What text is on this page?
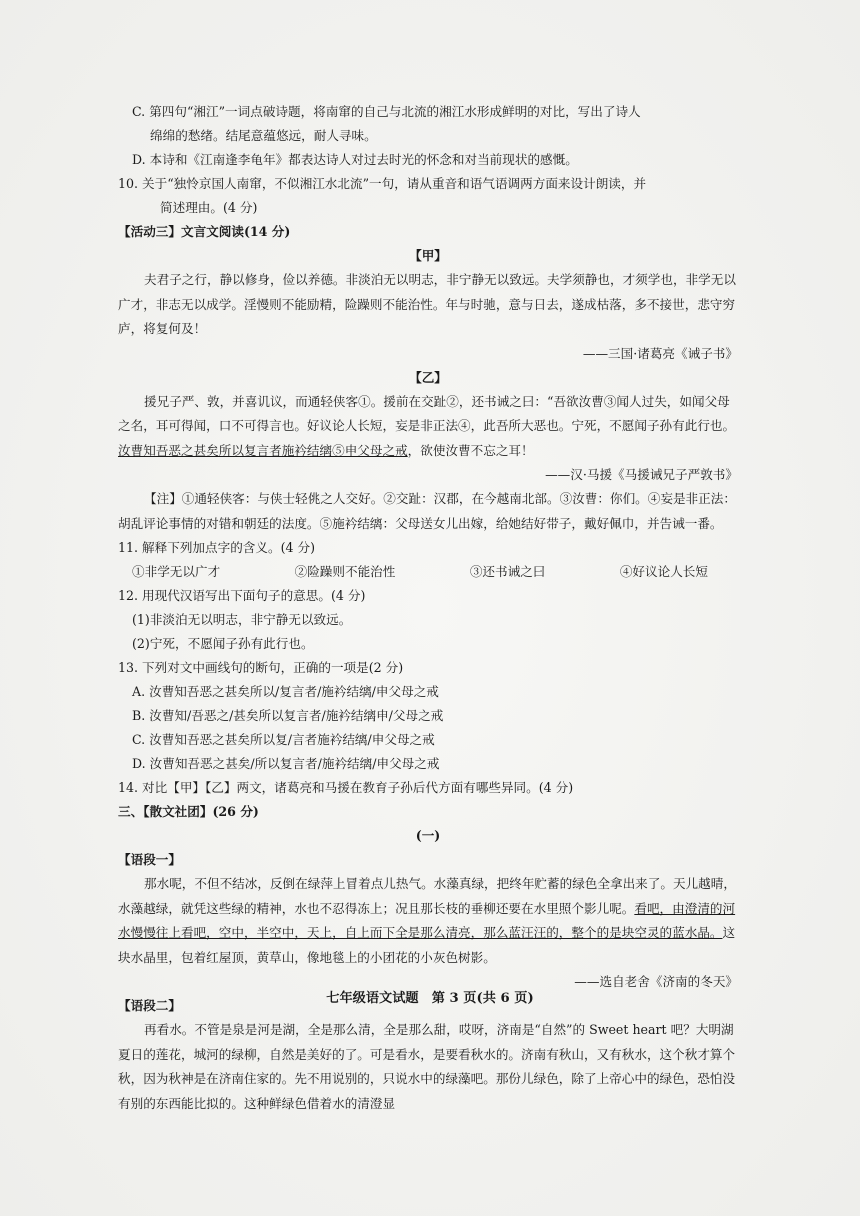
C. 第四句“湘江”一词点破诗题，将南窜的自己与北流的湘江水形成鲜明的对比，写出了诗人
绵绵的愁绪。结尾意蕴悠远，耐人寻味。
D. 本诗和《江南逢李龟年》都表达诗人对过去时光的怀念和对当前现状的感慨。
10. 关于“独怜京国人南窜，不似湘江水北流”一句，请从重音和语气语调两方面来设计朗读，并
简述理由。(4 分)
【活动三】文言文阅读(14 分)
【甲】
夫君子之行，静以修身，俭以养德。非淡泊无以明志，非宁静无以致远。夫学须静也，才须学也，非学无以广才，非志无以成学。淫慢则不能励精，险躁则不能治性。年与时驰，意与日去，遂成枯落，多不接世，悲守穷庐，将复何及！
——三国·诸葛亮《诫子书》
【乙】
援兄子严、敦，并喜讥议，而通轻侠客①。援前在交趾②，还书诫之曰：“吾欲汝曹③闻人过失，如闻父母之名，耳可得闻，口不可得言也。好议论人长短，妄是非正法④，此吾所大恶也。宁死，不愿闻子孙有此行也。汝曹知吾恶之甚矣所以复言者施衿结缡⑤申父母之戒，欲使汝曹不忘之耳！
——汉·马援《马援诫兄子严敦书》
【注】①通轻侠客：与侠士轻佻之人交好。②交趾：汉郡，在今越南北部。③汝曹：你们。④妄是非正法：胡乱评论事情的对错和朝廷的法度。⑤施衿结缡：父母送女儿出嫁，给她结好带子，戴好佩巾，并告诫一番。
11. 解释下列加点字的含义。(4 分)
①非学无以广才	②险躁则不能治性	③还书诫之曰	④好议论人长短
12. 用现代汉语写出下面句子的意思。(4 分)
(1)非淡泊无以明志，非宁静无以致远。
(2)宁死，不愿闻子孙有此行也。
13. 下列对文中画线句的断句，正确的一项是(2 分)
A. 汝曹知吾恶之甚矣所以/复言者/施衿结缡/申父母之戒
B. 汝曹知/吾恶之/甚矣所以复言者/施衿结缡申/父母之戒
C. 汝曹知吾恶之甚矣所以复/言者施衿结缡/申父母之戒
D. 汝曹知吾恶之甚矣/所以复言者/施衿结缡/申父母之戒
14. 对比【甲】【乙】两文，诸葛亮和马援在教育子孙后代方面有哪些异同。(4 分)
三、【散文社团】(26 分)
(一)
【语段一】
那水呢，不但不结冰，反倒在绿萍上冒着点儿热气。水藻真绿，把终年贮蓄的绿色全拿出来了。天儿越晴，水藻越绿，就凭这些绿的精神，水也不忍得冻上；况且那长枝的垂柳还要在水里照个影儿呢。看吧，由澄清的河水慢慢往上看吧，空中，半空中，天上，自上而下全是那么清亮，那么蓝汪汪的，整个的是块空灵的蓝水晶。这块水晶里，包着红屋顶，黄草山，像地毯上的小团花的小灰色树影。
——选自老舍《济南的冬天》
【语段二】
再看水。不管是泉是河是湖，全是那么清，全是那么甜，哎呀，济南是“自然”的 Sweet heart 吧？大明湖夏日的莲花，城河的绿柳，自然是美好的了。可是看水，是要看秋水的。济南有秋山，又有秋水，这个秋才算个秋，因为秋神是在济南住家的。先不用说别的，只说水中的绿藻吧。那份儿绿色，除了上帝心中的绿色，恐怕没有别的东西能比拟的。这种鲜绿色借着水的清澄显
七年级语文试题　第 3 页(共 6 页)
